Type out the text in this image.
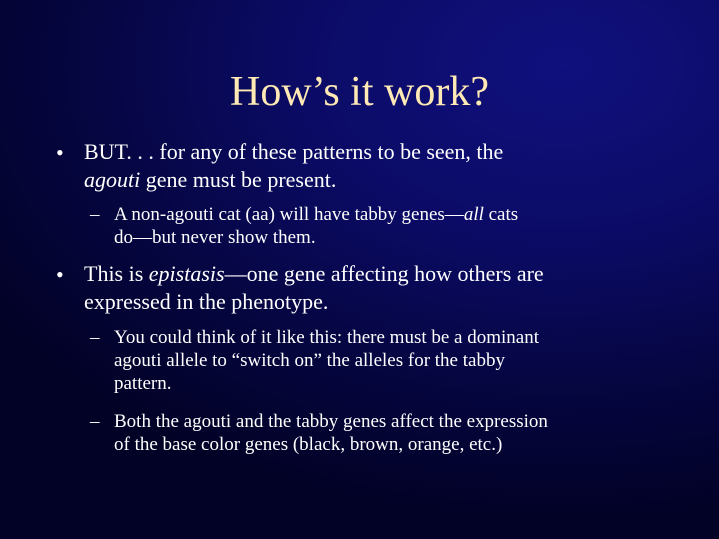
How’s it work?
• BUT. . . for any of these patterns to be seen, the
agouti gene must be present.
– A non-agouti cat (aa) will have tabby genes—all cats
do—but never show them.
• This is epistasis—one gene affecting how others are
expressed in the phenotype.
– You could think of it like this: there must be a dominant
agouti allele to “switch on” the alleles for the tabby
pattern.
– Both the agouti and the tabby genes affect the expression
of the base color genes (black, brown, orange, etc.)
